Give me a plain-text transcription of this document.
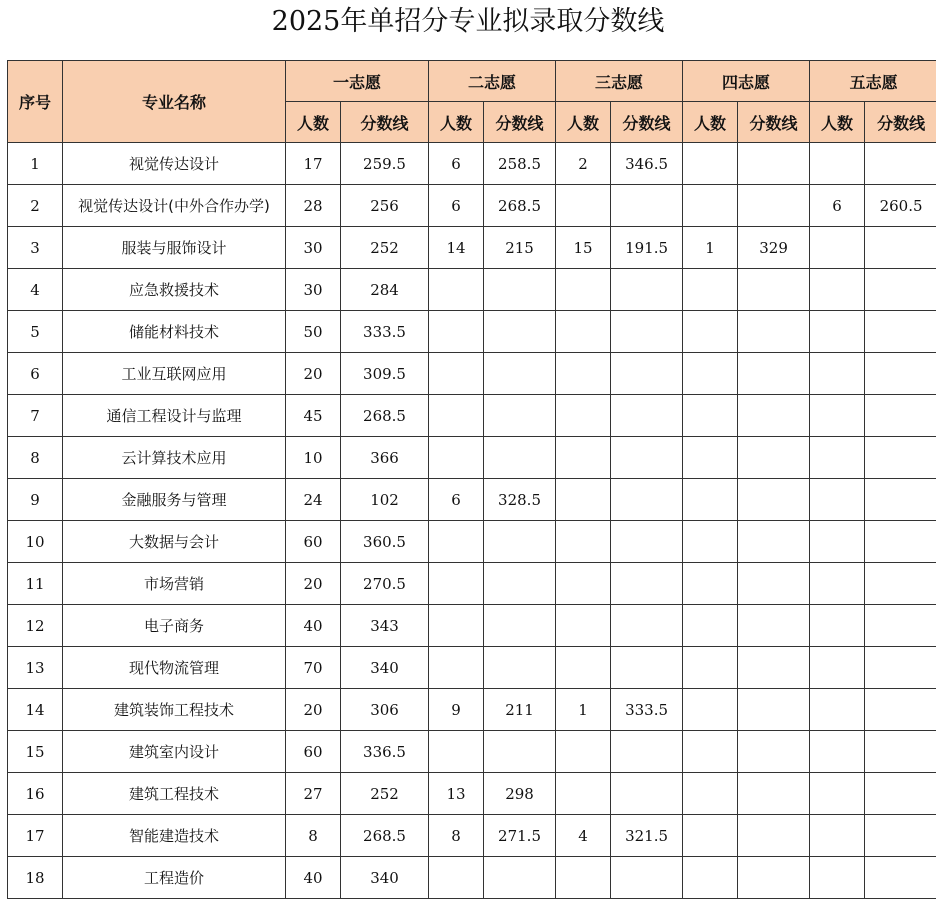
2025年单招分专业拟录取分数线
序号	专业名称	一志愿		二志愿		三志愿		四志愿		五志愿	
		人数	分数线	人数	分数线	人数	分数线	人数	分数线	人数	分数线
1	视觉传达设计	17	259.5	6	258.5	2	346.5				
2	视觉传达设计(中外合作办学)	28	256	6	268.5					6	260.5
3	服装与服饰设计	30	252	14	215	15	191.5	1	329		
4	应急救援技术	30	284								
5	储能材料技术	50	333.5								
6	工业互联网应用	20	309.5								
7	通信工程设计与监理	45	268.5								
8	云计算技术应用	10	366								
9	金融服务与管理	24	102	6	328.5						
10	大数据与会计	60	360.5								
11	市场营销	20	270.5								
12	电子商务	40	343								
13	现代物流管理	70	340								
14	建筑装饰工程技术	20	306	9	211	1	333.5				
15	建筑室内设计	60	336.5								
16	建筑工程技术	27	252	13	298						
17	智能建造技术	8	268.5	8	271.5	4	321.5				
18	工程造价	40	340								
